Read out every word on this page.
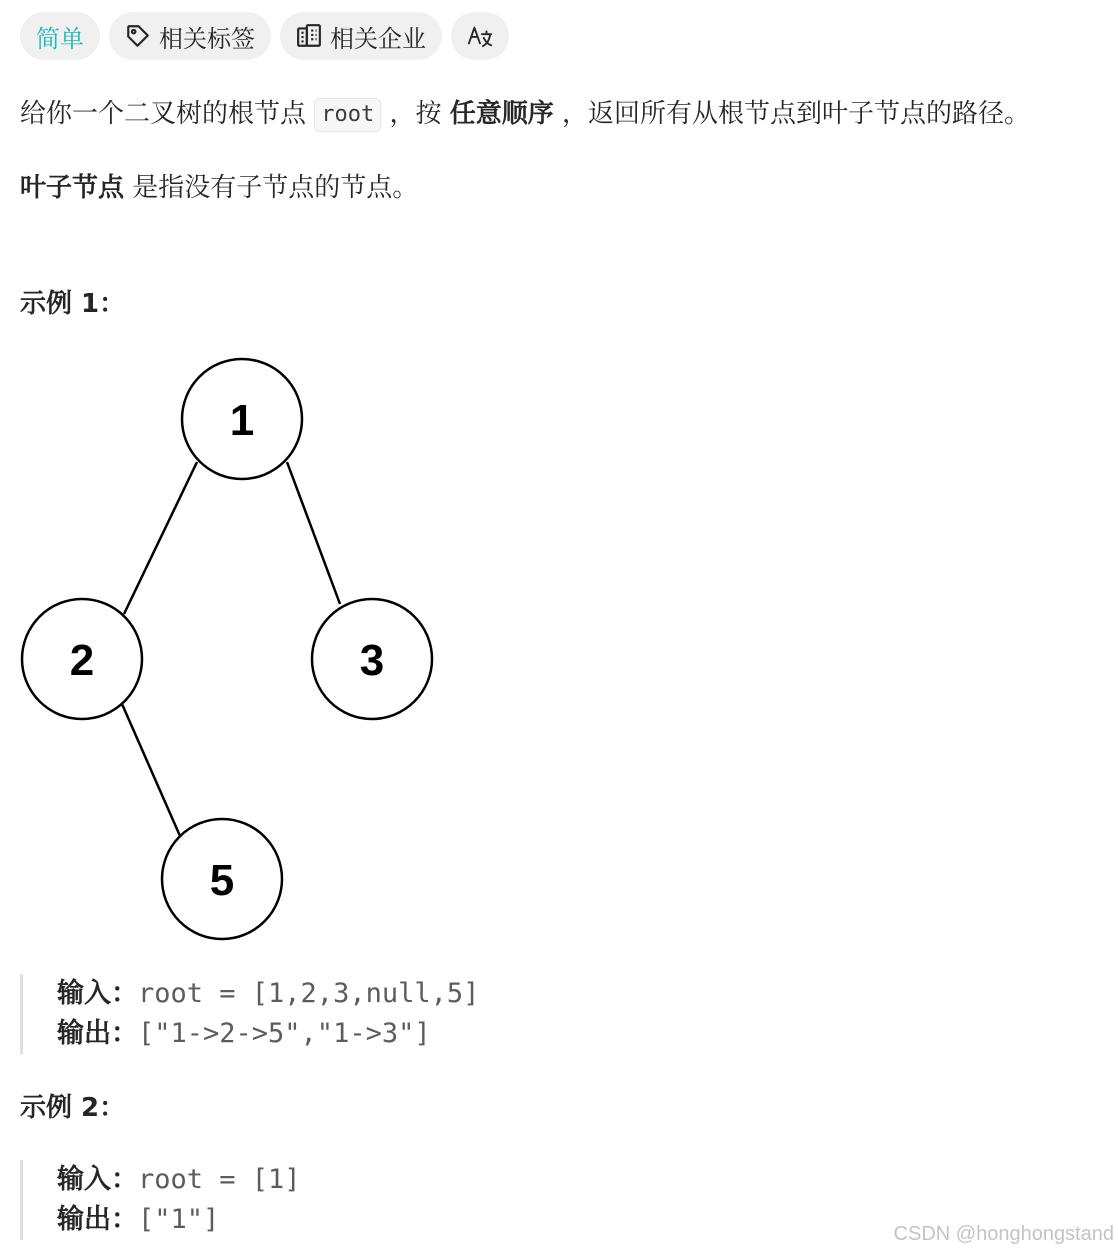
简单	相关标签	相关企业
给你一个二叉树的根节点 root ，按 任意顺序 ，返回所有从根节点到叶子节点的路径。
叶子节点 是指没有子节点的节点。
示例 1：
1
2	3
5
输入：root = [1,2,3,null,5]
输出：["1->2->5","1->3"]
示例 2：
输入：root = [1]
输出：["1"]	CSDN @honghongstand
